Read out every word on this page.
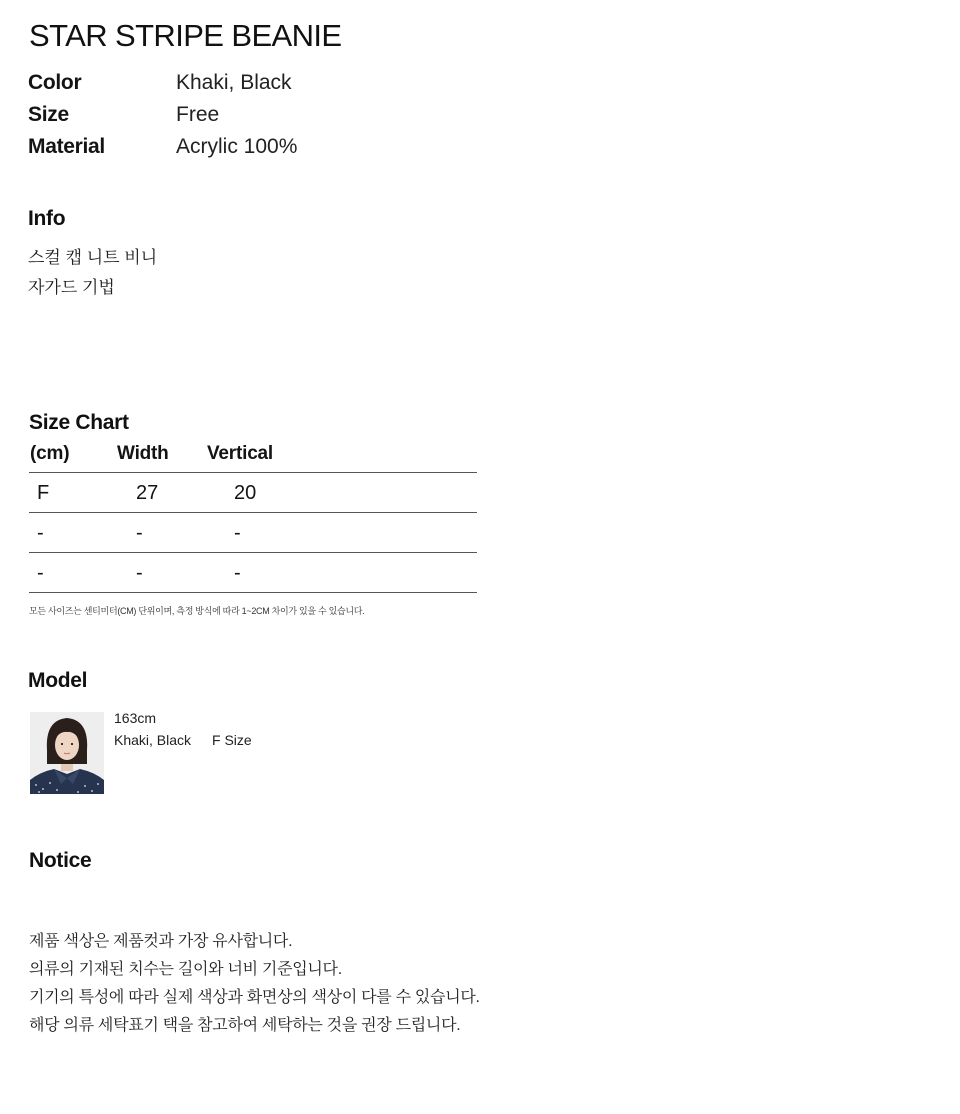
STAR STRIPE BEANIE
Color	Khaki, Black
Size	Free
Material	Acrylic 100%
Info
스컬 캡 니트 비니
자가드 기법
Size Chart
(cm)	Width Vertical
F	27	20
-	-	-
-	-	-
모든 사이즈는 센티미터(CM) 단위이며, 측정 방식에 따라 1~2CM 차이가 있을 수 있습니다.
Model
163cm
Khaki, Black F Size
Notice
제품 색상은 제품컷과 가장 유사합니다.
의류의 기재된 치수는 길이와 너비 기준입니다.
기기의 특성에 따라 실제 색상과 화면상의 색상이 다를 수 있습니다.
해당 의류 세탁표기 택을 참고하여 세탁하는 것을 권장 드립니다.
